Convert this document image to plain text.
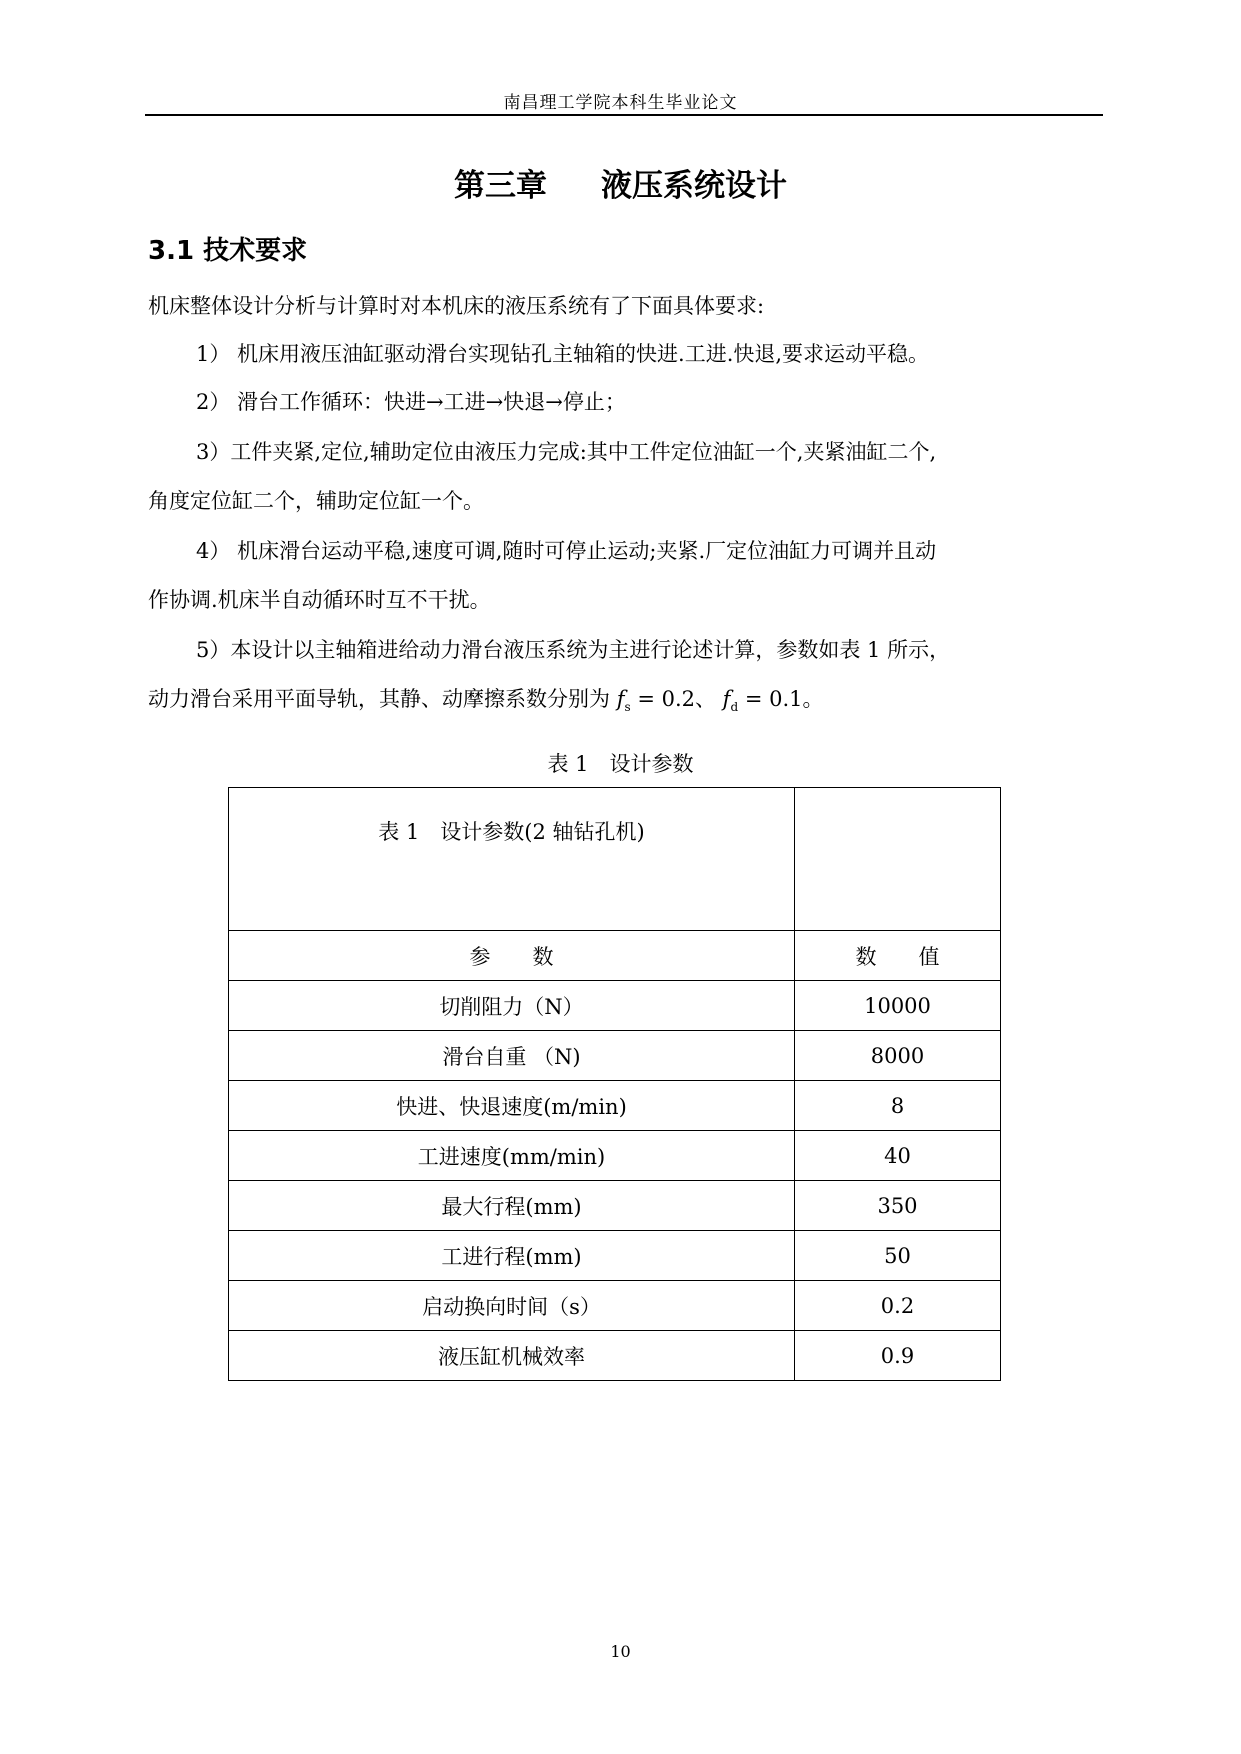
南昌理工学院本科生毕业论文
第三章 液压系统设计
3.1 技术要求
机床整体设计分析与计算时对本机床的液压系统有了下面具体要求:
1） 机床用液压油缸驱动滑台实现钻孔主轴箱的快进.工进.快退,要求运动平稳。
2） 滑台工作循环：快进→工进→快退→停止；
3）工件夹紧,定位,辅助定位由液压力完成:其中工件定位油缸一个,夹紧油缸二个,
角度定位缸二个，辅助定位缸一个。
4） 机床滑台运动平稳,速度可调,随时可停止运动;夹紧.厂定位油缸力可调并且动
作协调.机床半自动循环时互不干扰。
5）本设计以主轴箱进给动力滑台液压系统为主进行论述计算，参数如表 1 所示，
动力滑台采用平面导轨，其静、动摩擦系数分别为 $f_s = 0.2$、 $f_d = 0.1$。
表 1　设计参数
表 1　设计参数(2 轴钻孔机)	
参　　数	数　　值
切削阻力（N）	10000
滑台自重 （N)	8000
快进、快退速度(m/min)	8
工进速度(mm/min)	40
最大行程(mm)	350
工进行程(mm)	50
启动换向时间（s）	0.2
液压缸机械效率	0.9
10
